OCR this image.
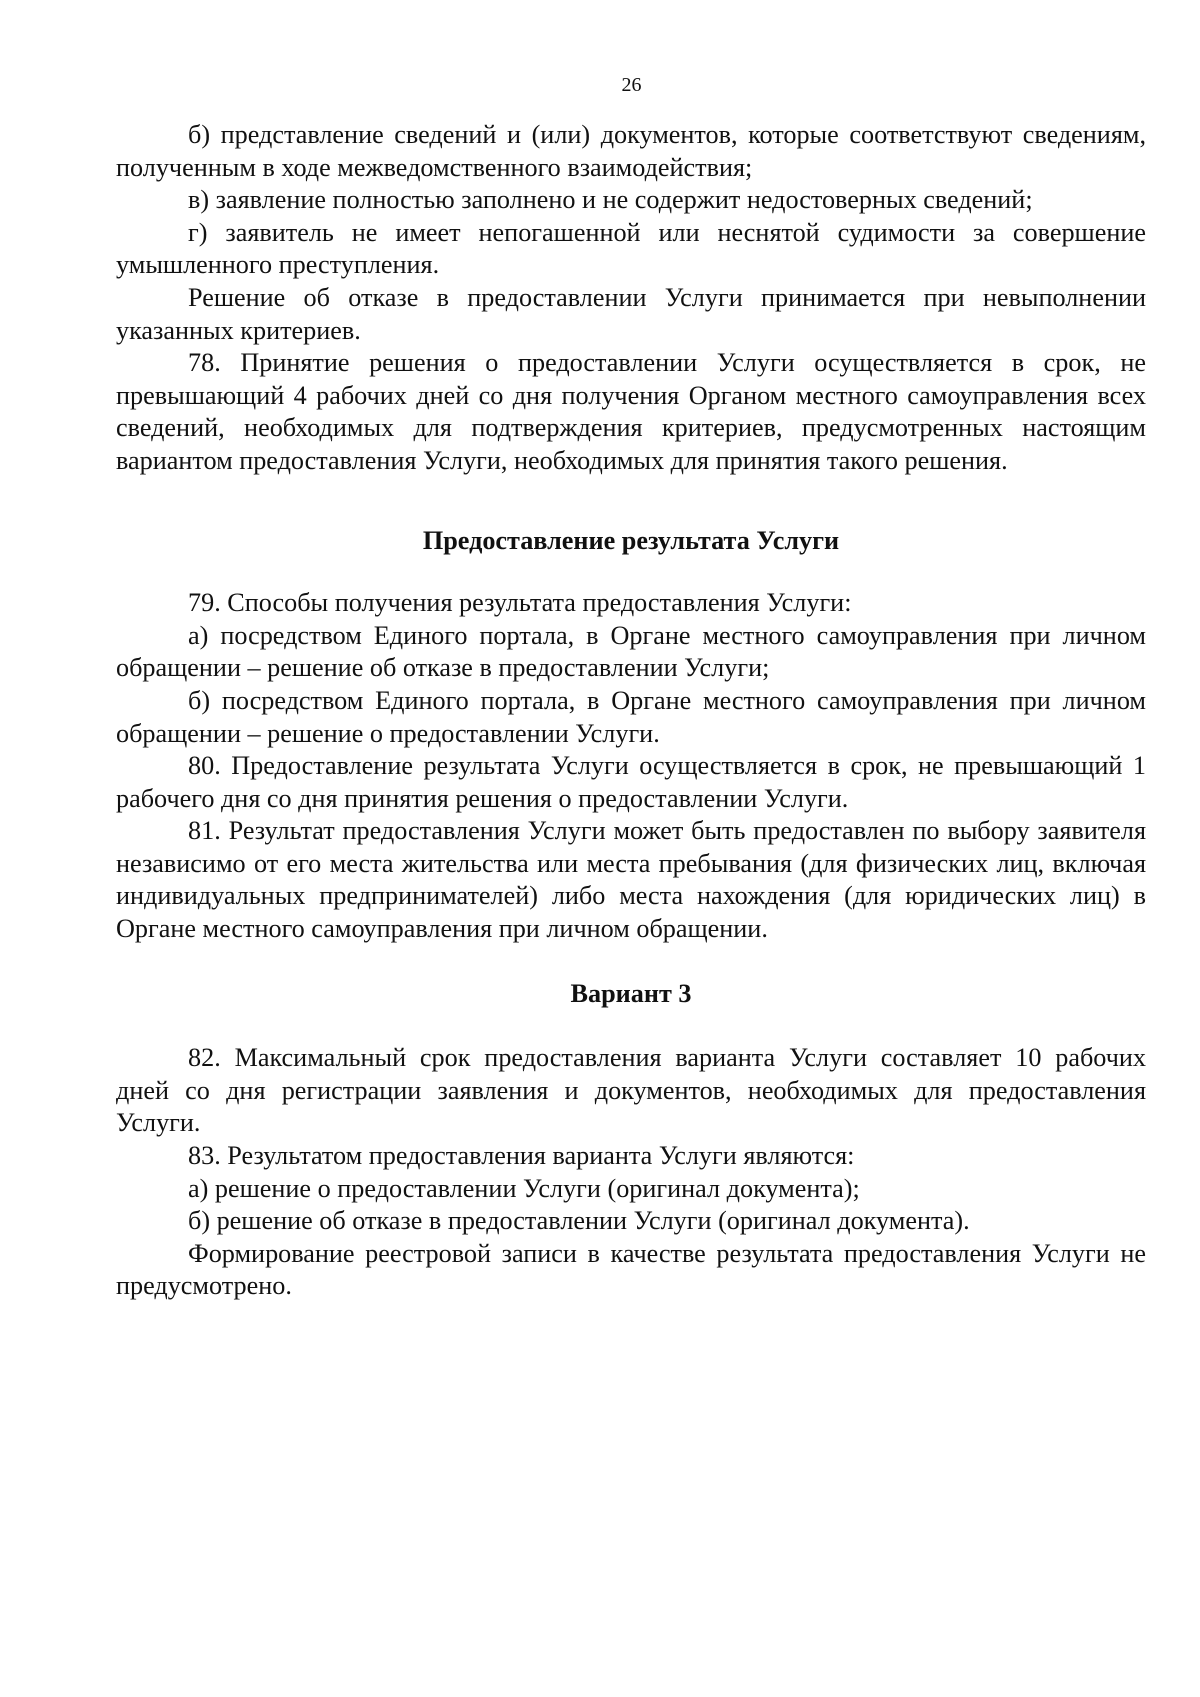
26

б) представление сведений и (или) документов, которые соответствуют сведениям, полученным в ходе межведомственного взаимодействия;

в) заявление полностью заполнено и не содержит недостоверных сведений;

г) заявитель не имеет непогашенной или неснятой судимости за совершение умышленного преступления.

Решение об отказе в предоставлении Услуги принимается при невыполнении указанных критериев.

78. Принятие решения о предоставлении Услуги осуществляется в срок, не превышающий 4 рабочих дней со дня получения Органом местного самоуправления всех сведений, необходимых для подтверждения критериев, предусмотренных настоящим вариантом предоставления Услуги, необходимых для принятия такого решения.

Предоставление результата Услуги

79. Способы получения результата предоставления Услуги:

а) посредством Единого портала, в Органе местного самоуправления при личном обращении – решение об отказе в предоставлении Услуги;

б) посредством Единого портала, в Органе местного самоуправления при личном обращении – решение о предоставлении Услуги.

80. Предоставление результата Услуги осуществляется в срок, не превышающий 1 рабочего дня со дня принятия решения о предоставлении Услуги.

81. Результат предоставления Услуги может быть предоставлен по выбору заявителя независимо от его места жительства или места пребывания (для физических лиц, включая индивидуальных предпринимателей) либо места нахождения (для юридических лиц) в Органе местного самоуправления при личном обращении.

Вариант 3

82. Максимальный срок предоставления варианта Услуги составляет 10 рабочих дней со дня регистрации заявления и документов, необходимых для предоставления Услуги.

83. Результатом предоставления варианта Услуги являются:

а) решение о предоставлении Услуги (оригинал документа);

б) решение об отказе в предоставлении Услуги (оригинал документа).

Формирование реестровой записи в качестве результата предоставления Услуги не предусмотрено.
